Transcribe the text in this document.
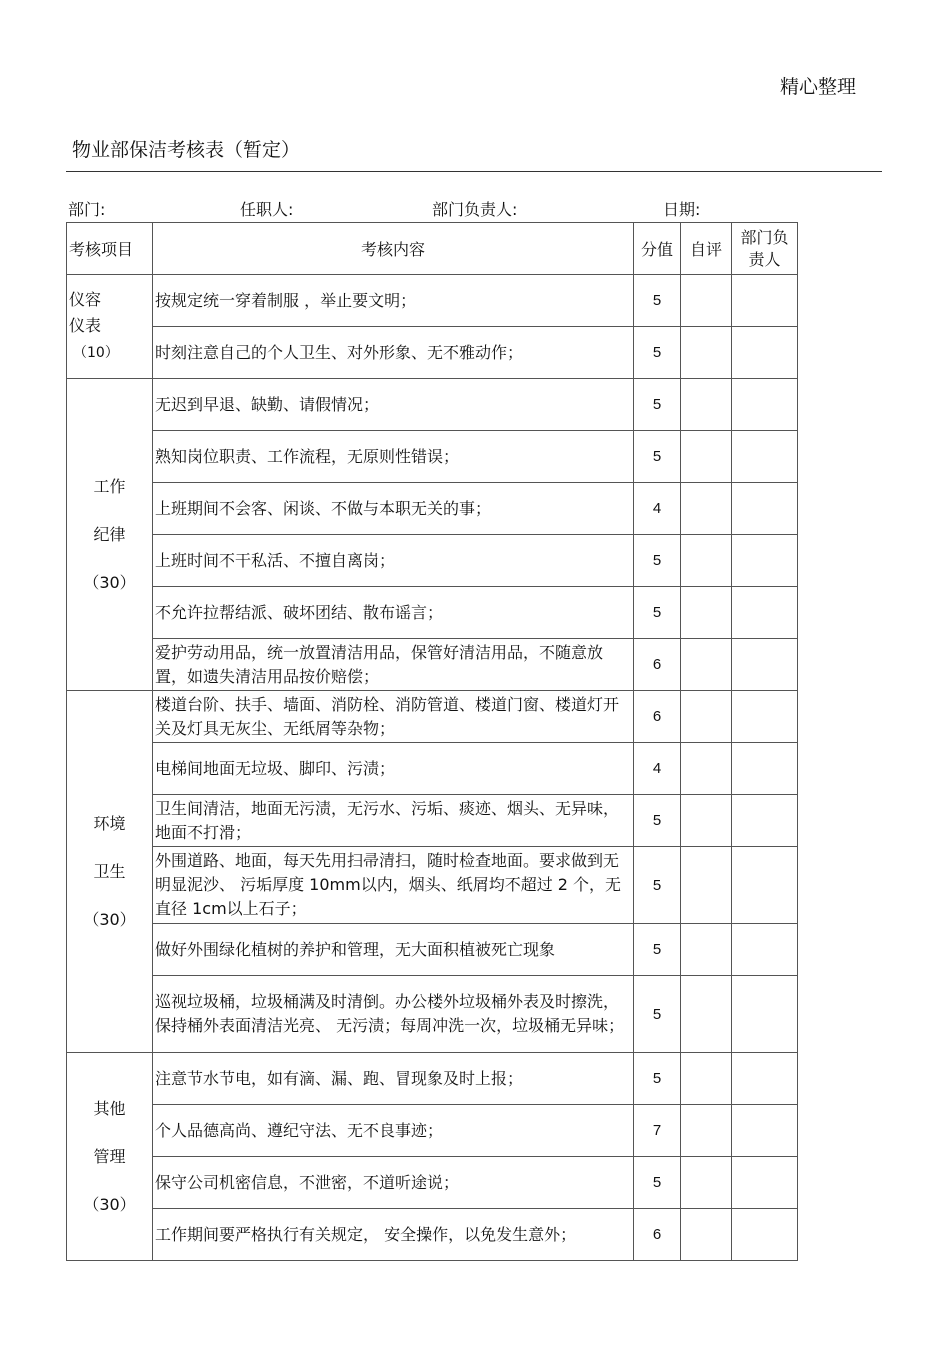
精心整理
物业部保洁考核表（暂定）
部门:	任职人:	部门负责人:	日期:
考核项目	考核内容	分值	自评	部门负
责人
仪容
仪表
（10）	按规定统一穿着制服 ，举止要文明；	5		
	时刻注意自己的个人卫生、对外形象、无不雅动作；	5		
工作
纪律
（30）	无迟到早退、缺勤、请假情况；	5		
	熟知岗位职责、工作流程，无原则性错误；	5		
	上班期间不会客、闲谈、不做与本职无关的事；	4		
	上班时间不干私活、不擅自离岗；	5		
	不允许拉帮结派、破坏团结、散布谣言；	5		
	爱护劳动用品，统一放置清洁用品，保管好清洁用品，不随意放置，如遗失清洁用品按价赔偿；	6		
环境
卫生
（30）	楼道台阶、扶手、墙面、消防栓、消防管道、楼道门窗、楼道灯开关及灯具无灰尘、无纸屑等杂物；	6		
	电梯间地面无垃圾、脚印、污渍；	4		
	卫生间清洁，地面无污渍，无污水、污垢、痰迹、烟头、无异味，地面不打滑；	5		
	外围道路、地面，每天先用扫帚清扫，随时检查地面。要求做到无明显泥沙、 污垢厚度 10mm以内，烟头、纸屑均不超过 2 个，无直径 1cm以上石子；	5		
	做好外围绿化植树的养护和管理，无大面积植被死亡现象	5		
	巡视垃圾桶，垃圾桶满及时清倒。办公楼外垃圾桶外表及时擦洗，保持桶外表面清洁光亮、 无污渍；每周冲洗一次，垃圾桶无异味；	5		
其他
管理
（30）	注意节水节电，如有滴、漏、跑、冒现象及时上报；	5		
	个人品德高尚、遵纪守法、无不良事迹；	7		
	保守公司机密信息，不泄密，不道听途说；	5		
	工作期间要严格执行有关规定， 安全操作，以免发生意外；	6		
